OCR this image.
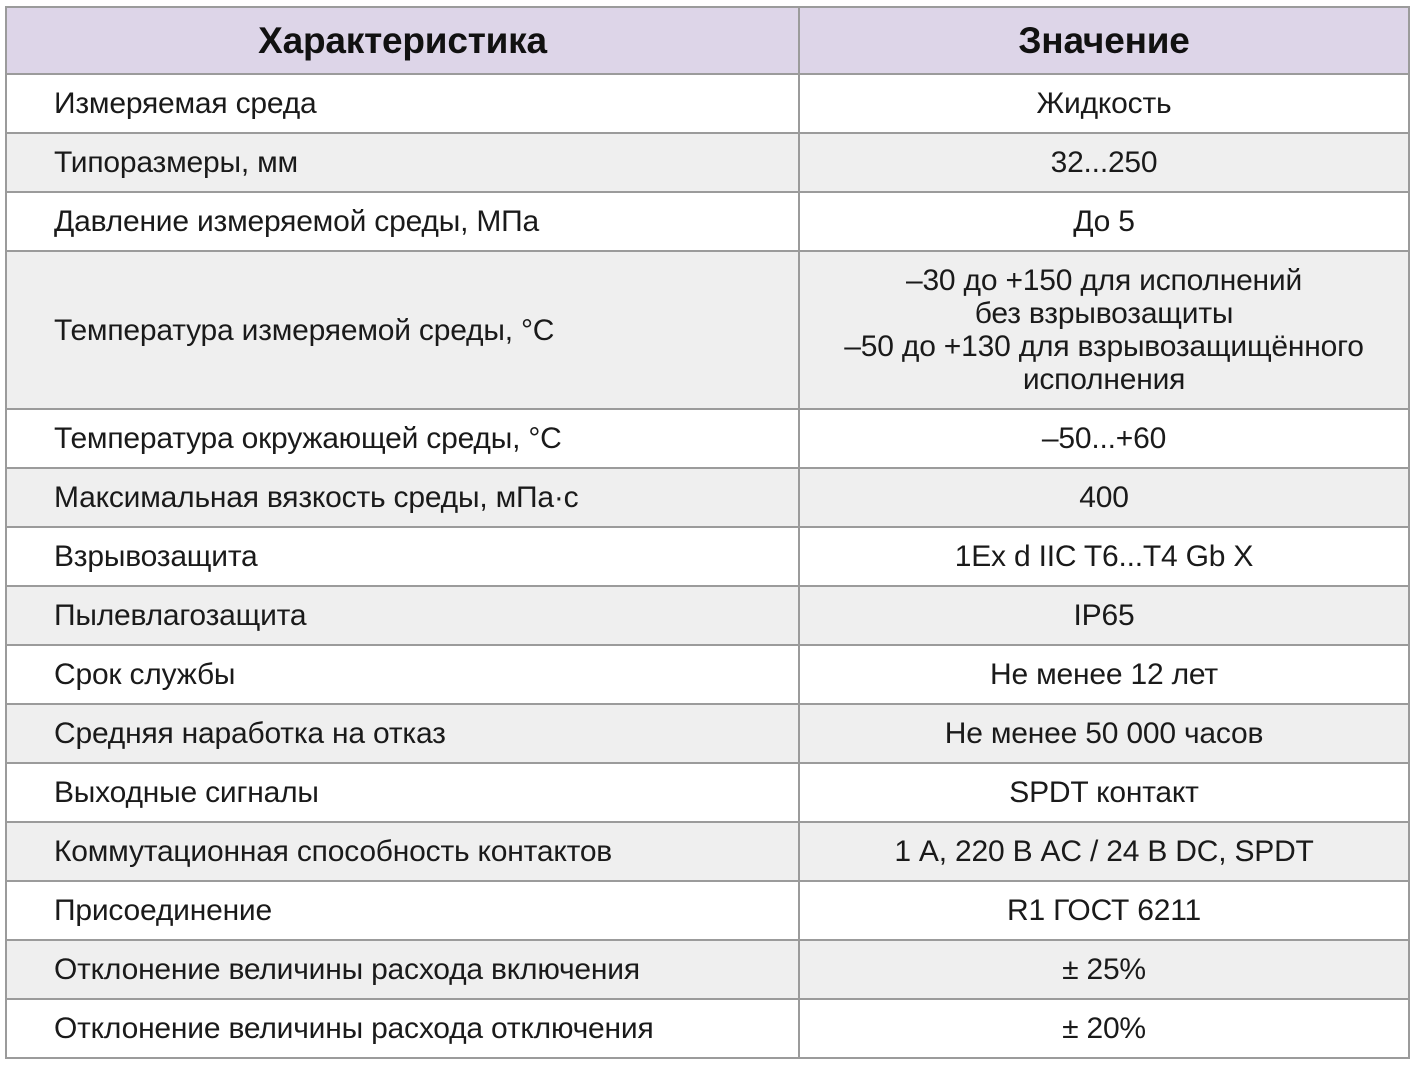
Характеристика	Значение
Измеряемая среда	Жидкость
Типоразмеры, мм	32...250
Давление измеряемой среды, МПа	До 5
Температура измеряемой среды, °С	–30 до +150 для исполнений
без взрывозащиты
–50 до +130 для взрывозащищённого
исполнения

Температура окружающей среды, °С	–50...+60
Максимальная вязкость среды, мПа·с	400
Взрывозащита	1Ex d IIC T6...T4 Gb X
Пылевлагозащита	IP65
Срок службы	Не менее 12 лет
Средняя наработка на отказ	Не менее 50 000 часов
Выходные сигналы	SPDT контакт
Коммутационная способность контактов	1 А, 220 В AC / 24 В DC, SPDT
Присоединение	R1 ГОСТ 6211
Отклонение величины расхода включения	± 25%
Отклонение величины расхода отключения	± 20%
